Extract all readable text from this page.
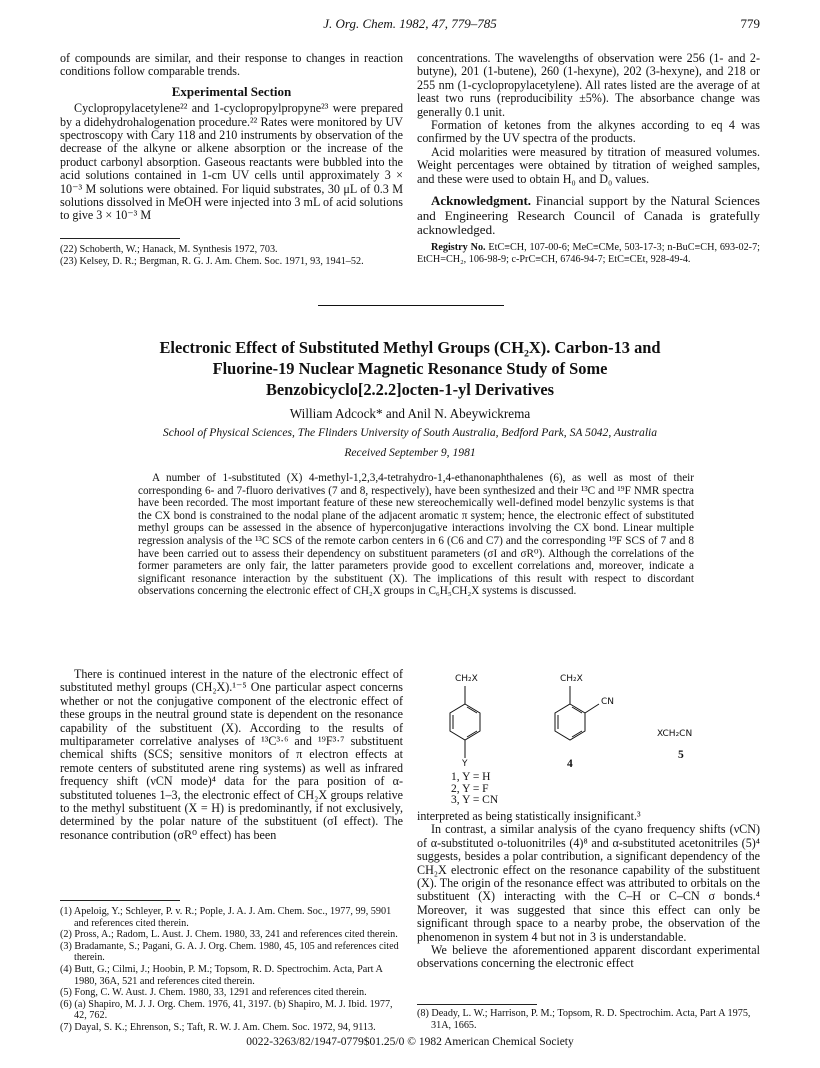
J. Org. Chem. 1982, 47, 779–785	779

of compounds are similar, and their response to changes in reaction conditions follow comparable trends.

Experimental Section

Cyclopropylacetylene²² and 1-cyclopropylpropyne²³ were prepared by a didehydrohalogenation procedure.²² Rates were monitored by UV spectroscopy with Cary 118 and 210 instruments by observation of the decrease of the alkyne or alkene absorption or the increase of the product carbonyl absorption. Gaseous reactants were bubbled into the acid solutions contained in 1-cm UV cells until approximately 3 × 10⁻³ M solutions were obtained. For liquid substrates, 30 μL of 0.3 M solutions dissolved in MeOH were injected into 3 mL of acid solutions to give 3 × 10⁻³ M

(22) Schoberth, W.; Hanack, M. Synthesis 1972, 703.

(23) Kelsey, D. R.; Bergman, R. G. J. Am. Chem. Soc. 1971, 93, 1941–52.

concentrations. The wavelengths of observation were 256 (1- and 2-butyne), 201 (1-butene), 260 (1-hexyne), 202 (3-hexyne), and 218 or 255 nm (1-cyclopropylacetylene). All rates listed are the average of at least two runs (reproducibility ±5%). The absorbance change was generally 0.1 unit.

Formation of ketones from the alkynes according to eq 4 was confirmed by the UV spectra of the products.

Acid molarities were measured by titration of measured volumes. Weight percentages were obtained by titration of weighed samples, and these were used to obtain H₀ and D₀ values.

Acknowledgment. Financial support by the Natural Sciences and Engineering Research Council of Canada is gratefully acknowledged.

Registry No. EtC≡CH, 107-00-6; MeC≡CMe, 503-17-3; n-BuC≡CH, 693-02-7; EtCH=CH₂, 106-98-9; c-PrC≡CH, 6746-94-7; EtC≡CEt, 928-49-4.

Electronic Effect of Substituted Methyl Groups (CH₂X). Carbon-13 and
Fluorine-19 Nuclear Magnetic Resonance Study of Some
Benzobicyclo[2.2.2]octen-1-yl Derivatives
William Adcock* and Anil N. Abeywickrema
School of Physical Sciences, The Flinders University of South Australia, Bedford Park, SA 5042, Australia
Received September 9, 1981
A number of 1-substituted (X) 4-methyl-1,2,3,4-tetrahydro-1,4-ethanonaphthalenes (6), as well as most of their corresponding 6- and 7-fluoro derivatives (7 and 8, respectively), have been synthesized and their ¹³C and ¹⁹F NMR spectra have been recorded. The most important feature of these new stereochemically well-defined model benzylic systems is that the CX bond is constrained to the nodal plane of the adjacent aromatic π system; hence, the electronic effect of substituted methyl groups can be assessed in the absence of hyperconjugative interactions involving the CX bond. Linear multiple regression analysis of the ¹³C SCS of the remote carbon centers in 6 (C6 and C7) and the corresponding ¹⁹F SCS of 7 and 8 have been carried out to assess their dependency on substituent parameters (σI and σR⁰). Although the correlations of the former parameters are only fair, the latter parameters provide good to excellent correlations and, moreover, indicate a significant resonance interaction by the substituent (X). The implications of this result with respect to discordant observations concerning the electronic effect of CH₂X groups in C₆H₅CH₂X systems is discussed.

There is continued interest in the nature of the electronic effect of substituted methyl groups (CH₂X).¹⁻⁵ One particular aspect concerns whether or not the conjugative component of the electronic effect of these groups in the neutral ground state is dependent on the resonance capability of the substituent (X). According to the results of multiparameter correlative analyses of ¹³C³·⁶ and ¹⁹F³·⁷ substituent chemical shifts (SCS; sensitive monitors of π electron effects at remote centers of substituted arene ring systems) as well as infrared frequency shift (νCN mode)⁴ data for the para position of α-substituted toluenes 1–3, the electronic effect of CH₂X groups relative to the methyl substituent (X = H) is predominantly, if not exclusively, determined by the polar nature of the substituent (σI effect). The resonance contribution (σR⁰ effect) has been

(1) Apeloig, Y.; Schleyer, P. v. R.; Pople, J. A. J. Am. Chem. Soc., 1977, 99, 5901 and references cited therein.

(2) Pross, A.; Radom, L. Aust. J. Chem. 1980, 33, 241 and references cited therein.

(3) Bradamante, S.; Pagani, G. A. J. Org. Chem. 1980, 45, 105 and references cited therein.

(4) Butt, G.; Cilmi, J.; Hoobin, P. M.; Topsom, R. D. Spectrochim. Acta, Part A 1980, 36A, 521 and references cited therein.

(5) Fong, C. W. Aust. J. Chem. 1980, 33, 1291 and references cited therein.

(6) (a) Shapiro, M. J. J. Org. Chem. 1976, 41, 3197. (b) Shapiro, M. J. Ibid. 1977, 42, 762.

(7) Dayal, S. K.; Ehrenson, S.; Taft, R. W. J. Am. Chem. Soc. 1972, 94, 9113.

CH₂X	CH₂X
CN
Y
XCH₂CN
4
5
1, Y = H
2, Y = F
3, Y = CN

interpreted as being statistically insignificant.³

In contrast, a similar analysis of the cyano frequency shifts (νCN) of α-substituted o-toluonitriles (4)⁸ and α-substituted acetonitriles (5)⁴ suggests, besides a polar contribution, a significant dependency of the CH₂X electronic effect on the resonance capability of the substituent (X). The origin of the resonance effect was attributed to orbitals on the substituent (X) interacting with the C–H or C–CN σ bonds.⁴ Moreover, it was suggested that since this effect can only be significant through space to a nearby probe, the observation of the phenomenon in system 4 but not in 3 is understandable.

We believe the aforementioned apparent discordant experimental observations concerning the electronic effect

(8) Deady, L. W.; Harrison, P. M.; Topsom, R. D. Spectrochim. Acta, Part A 1975, 31A, 1665.

0022-3263/82/1947-0779$01.25/0 © 1982 American Chemical Society
